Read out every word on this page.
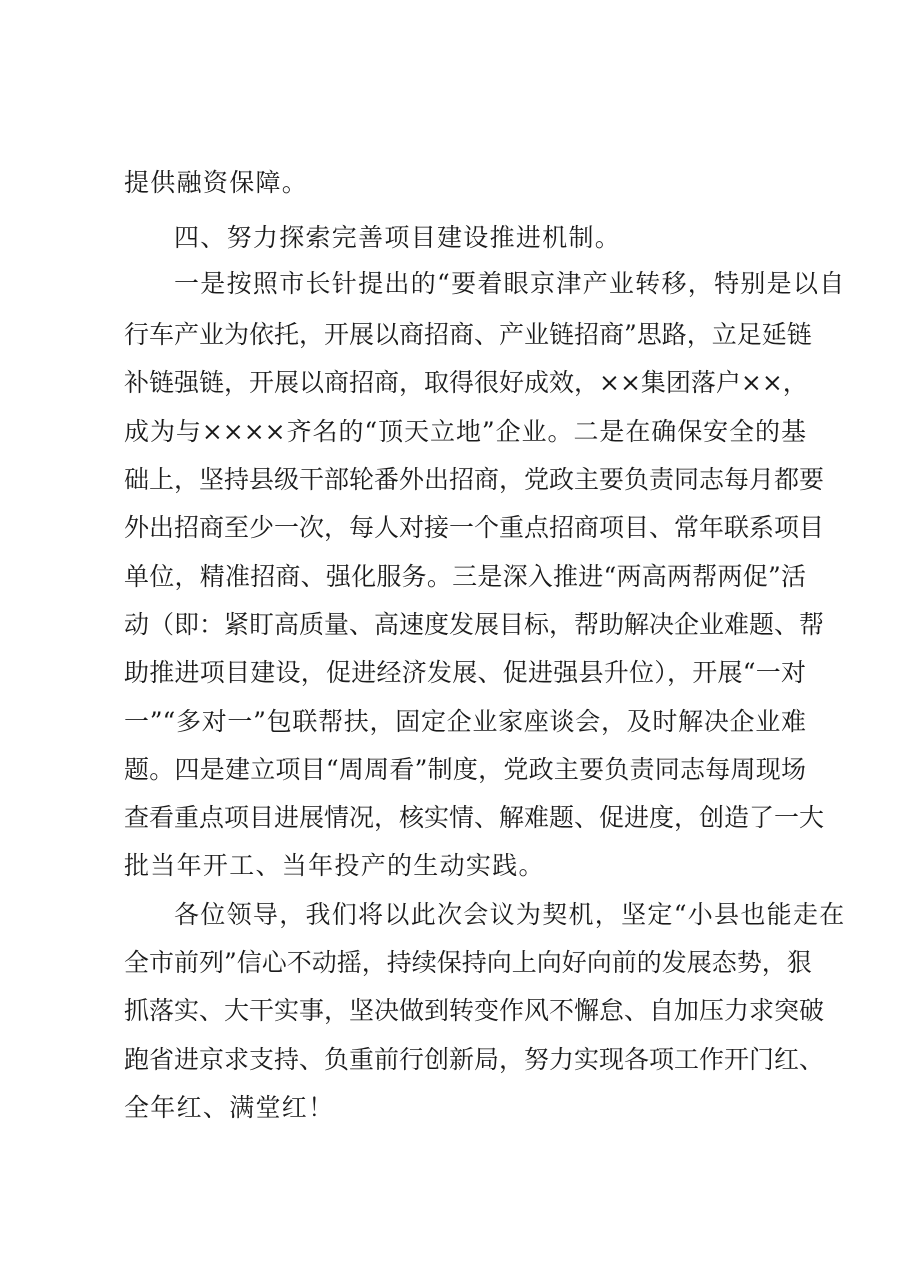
提供融资保障。
四、努力探索完善项目建设推进机制。
一是按照市长针提出的“要着眼京津产业转移，特别是以自
行车产业为依托，开展以商招商、产业链招商”思路，立足延链
补链强链，开展以商招商，取得很好成效，××集团落户××，
成为与××××齐名的“顶天立地”企业。二是在确保安全的基
础上，坚持县级干部轮番外出招商，党政主要负责同志每月都要
外出招商至少一次，每人对接一个重点招商项目、常年联系项目
单位，精准招商、强化服务。三是深入推进“两高两帮两促”活
动（即：紧盯高质量、高速度发展目标，帮助解决企业难题、帮
助推进项目建设，促进经济发展、促进强县升位），开展“一对
一”“多对一”包联帮扶，固定企业家座谈会，及时解决企业难
题。四是建立项目“周周看”制度，党政主要负责同志每周现场
查看重点项目进展情况，核实情、解难题、促进度，创造了一大
批当年开工、当年投产的生动实践。
各位领导，我们将以此次会议为契机，坚定“小县也能走在
全市前列”信心不动摇，持续保持向上向好向前的发展态势，狠
抓落实、大干实事，坚决做到转变作风不懈怠、自加压力求突破
跑省进京求支持、负重前行创新局，努力实现各项工作开门红、
全年红、满堂红！
